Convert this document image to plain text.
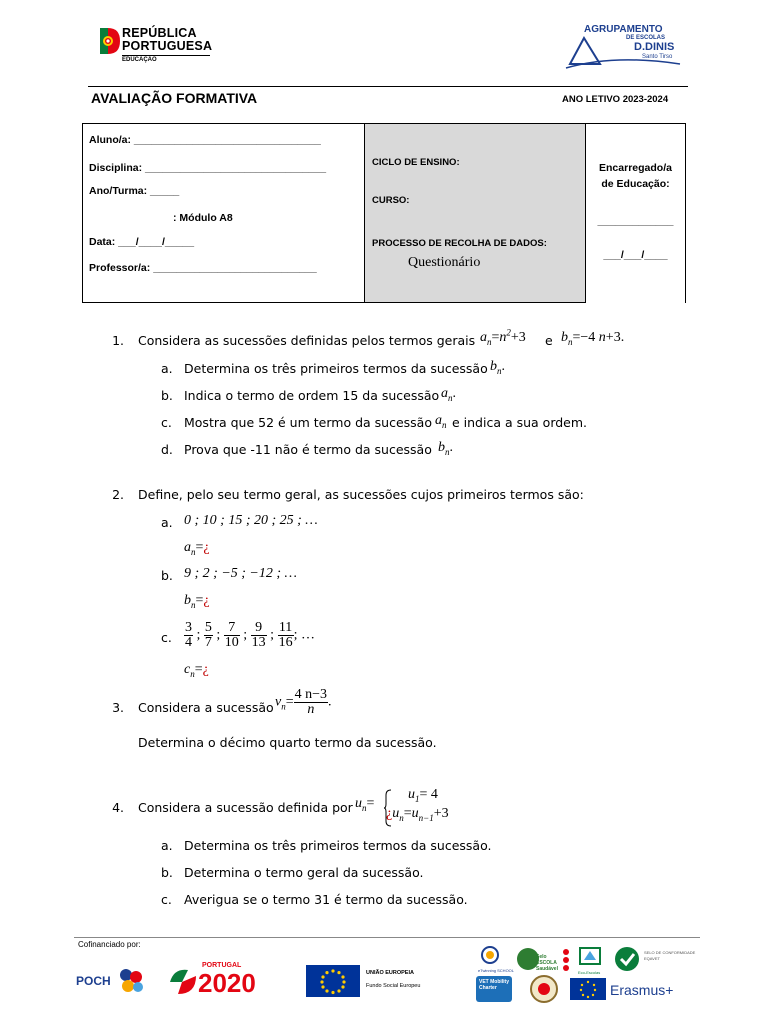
REPÚBLICA
PORTUGUESA
EDUCAÇÃO
AGRUPAMENTO
DE ESCOLAS
D.DINIS
Santo Tirso
AVALIAÇÃO FORMATIVA	ANO LETIVO 2023-2024
Aluno/a: ________________________________
Disciplina: _______________________________
Ano/Turma: _____
: Módulo A8
Data: ___/____/_____
Professor/a: ____________________________
CICLO DE ENSINO:
CURSO:
PROCESSO DE RECOLHA DE DADOS:
Questionário
Encarregado/a
de Educação:
_____________
___/___/____
1. Considera as sucessões definidas pelos termos gerais $a_n=n^2+3$ e $b_n=-4$ n+3.
a. Determina os três primeiros termos da sucessão $b_n$.
b. Indica o termo de ordem 15 da sucessão $a_n$.
c. Mostra que 52 é um termo da sucessão $a_n$ e indica a sua ordem.
d. Prova que -11 não é termo da sucessão $b_n$.
2. Define, pelo seu termo geral, as sucessões cujos primeiros termos são:
a. 0 ; 10 ; 15 ; 20 ; 25 ; …
$a_n=¿$
b. 9 ; 2 ; −5 ; −12 ; …
$b_n=¿$
c. $\frac{3}{4}$ ; $\frac{5}{7}$ ; $\frac{7}{10}$ ; $\frac{9}{13}$ ; $\frac{11}{16}$ ; …
$c_n=¿$
3. Considera a sucessão $v_n= \frac{4 n-3}{n}$ .
Determina o décimo quarto termo da sucessão.
4. Considera a sucessão definida por $u_n=$
$u_1= 4$
¿$u_n=u_{n-1}+3$
a. Determina os três primeiros termos da sucessão.
b. Determina o termo geral da sucessão.
c. Averigua se o termo 31 é termo da sucessão.
Cofinanciado por:
POCH
PORTUGAL
2020	UNIÃO EUROPEIA
Fundo Social Europeu
eTwinning SCHOOL
Selo ESCOLA Saudável
Eco-Escolas
SELO DE CONFORMIDADE EQAVET
VET Mobility Charter	Erasmus+
